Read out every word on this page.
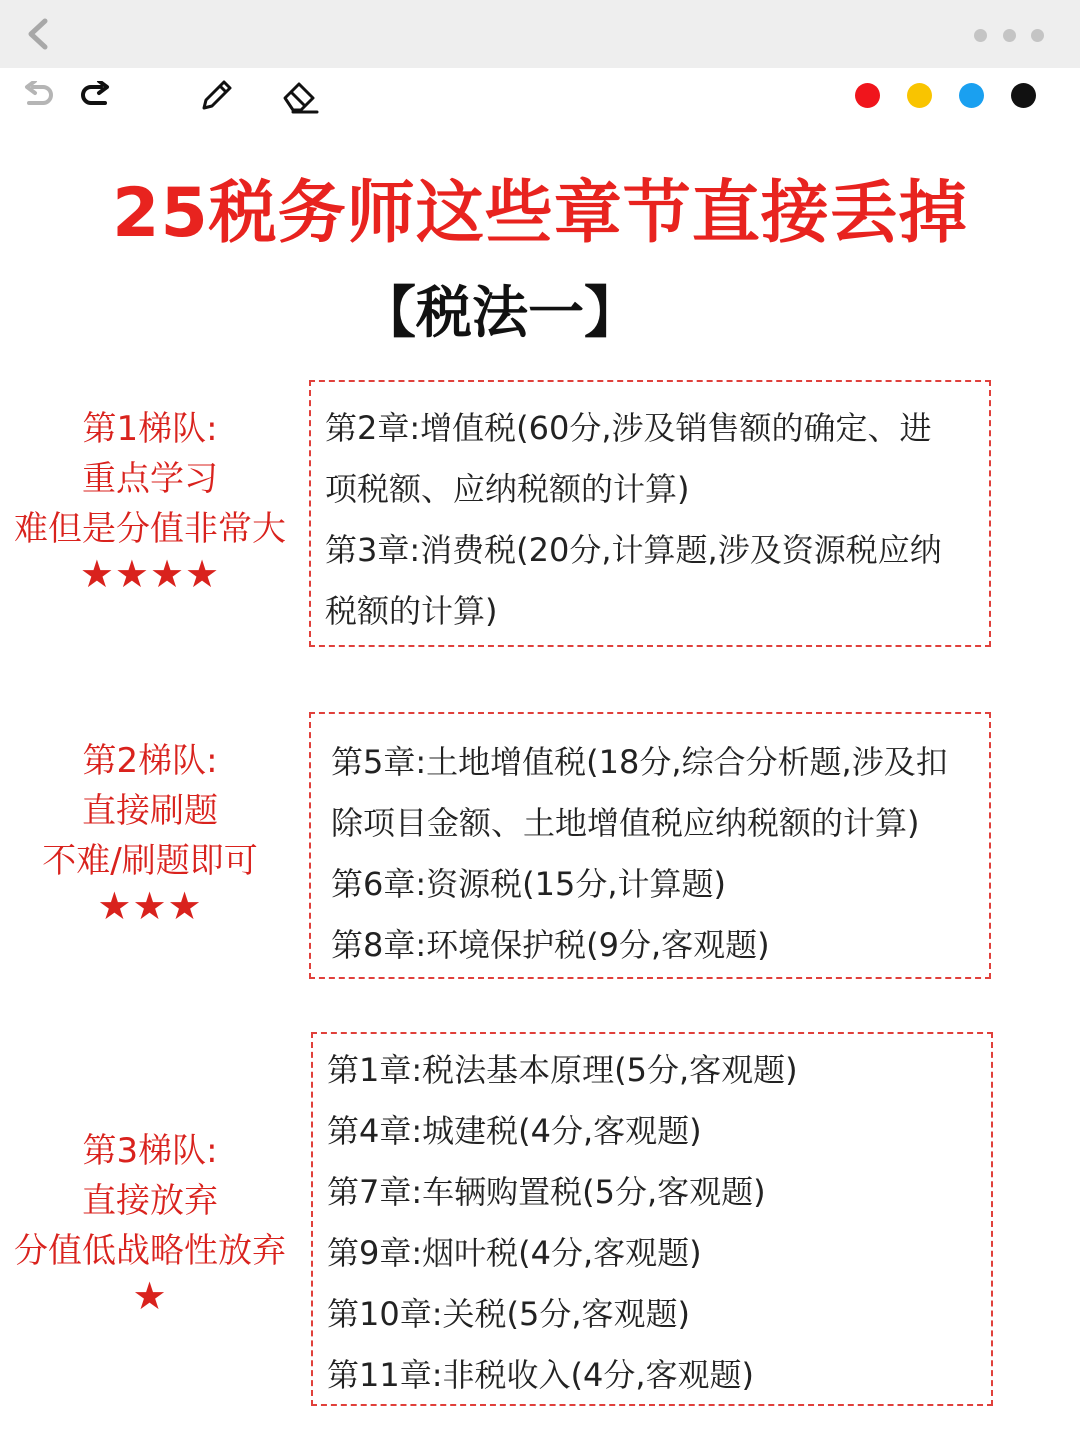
25税务师这些章节直接丢掉
【税法一】
第1梯队:
重点学习
难但是分值非常大
★★★★
第2章:增值税(60分,涉及销售额的确定、进
项税额、应纳税额的计算)
第3章:消费税(20分,计算题,涉及资源税应纳
税额的计算)
第2梯队:
直接刷题
不难/刷题即可
★★★
第5章:土地增值税(18分,综合分析题,涉及扣
除项目金额、土地增值税应纳税额的计算)
第6章:资源税(15分,计算题)
第8章:环境保护税(9分,客观题)
第3梯队:
直接放弃
分值低战略性放弃
★
第1章:税法基本原理(5分,客观题)
第4章:城建税(4分,客观题)
第7章:车辆购置税(5分,客观题)
第9章:烟叶税(4分,客观题)
第10章:关税(5分,客观题)
第11章:非税收入(4分,客观题)
